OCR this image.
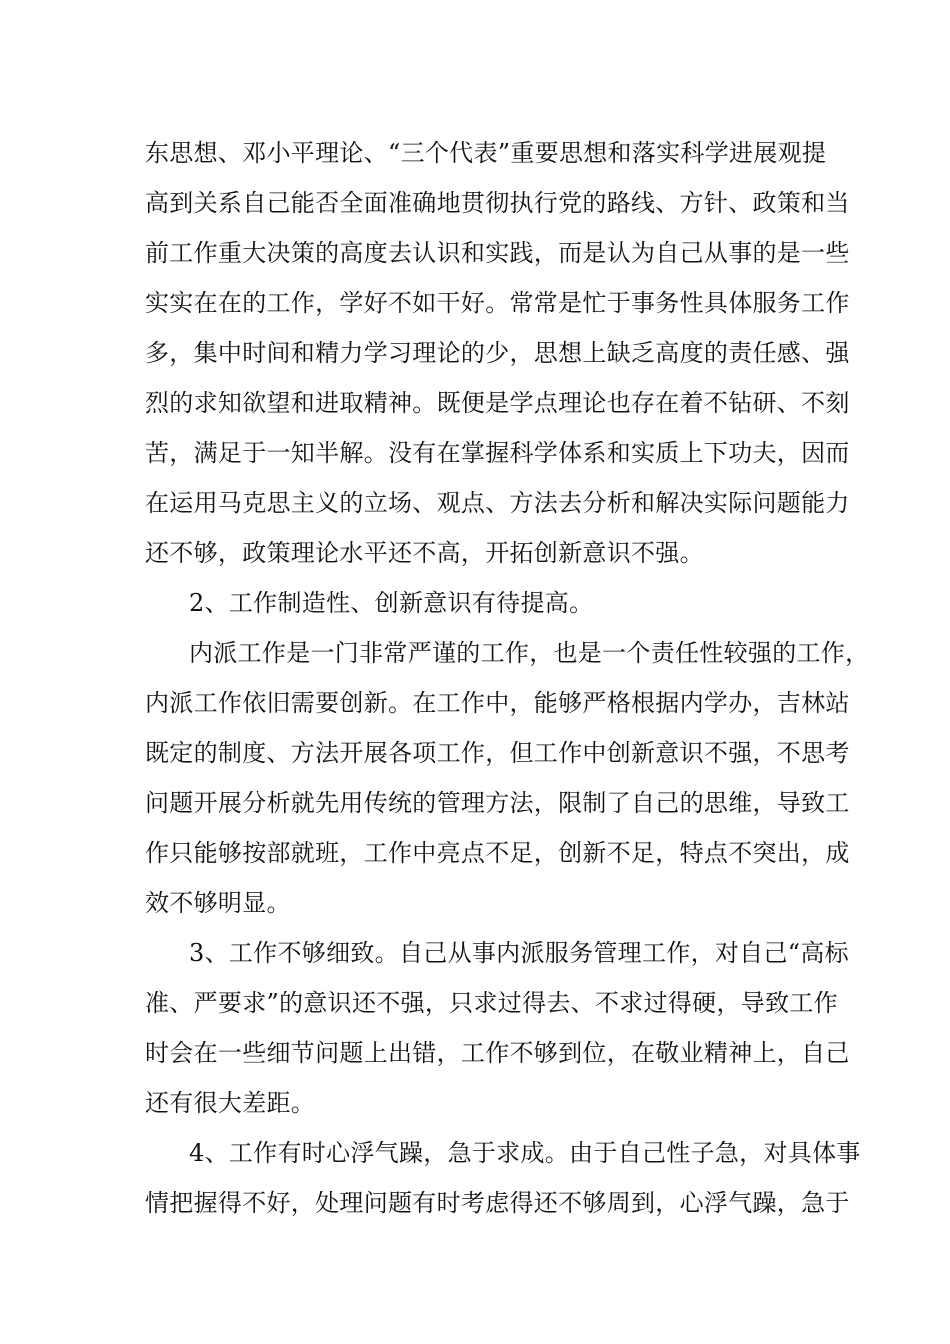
东思想、邓小平理论、“三个代表”重要思想和落实科学进展观提
高到关系自己能否全面准确地贯彻执行党的路线、方针、政策和当
前工作重大决策的高度去认识和实践，而是认为自己从事的是一些
实实在在的工作，学好不如干好。常常是忙于事务性具体服务工作
多，集中时间和精力学习理论的少，思想上缺乏高度的责任感、强
烈的求知欲望和进取精神。既便是学点理论也存在着不钻研、不刻
苦，满足于一知半解。没有在掌握科学体系和实质上下功夫，因而
在运用马克思主义的立场、观点、方法去分析和解决实际问题能力
还不够，政策理论水平还不高，开拓创新意识不强。
2、工作制造性、创新意识有待提高。
内派工作是一门非常严谨的工作，也是一个责任性较强的工作，
内派工作依旧需要创新。在工作中，能够严格根据内学办，吉林站
既定的制度、方法开展各项工作，但工作中创新意识不强，不思考
问题开展分析就先用传统的管理方法，限制了自己的思维，导致工
作只能够按部就班，工作中亮点不足，创新不足，特点不突出，成
效不够明显。
3、工作不够细致。自己从事内派服务管理工作，对自己“高标
准、严要求”的意识还不强，只求过得去、不求过得硬，导致工作
时会在一些细节问题上出错，工作不够到位，在敬业精神上，自己
还有很大差距。
4、工作有时心浮气躁，急于求成。由于自己性子急，对具体事
情把握得不好，处理问题有时考虑得还不够周到，心浮气躁，急于
